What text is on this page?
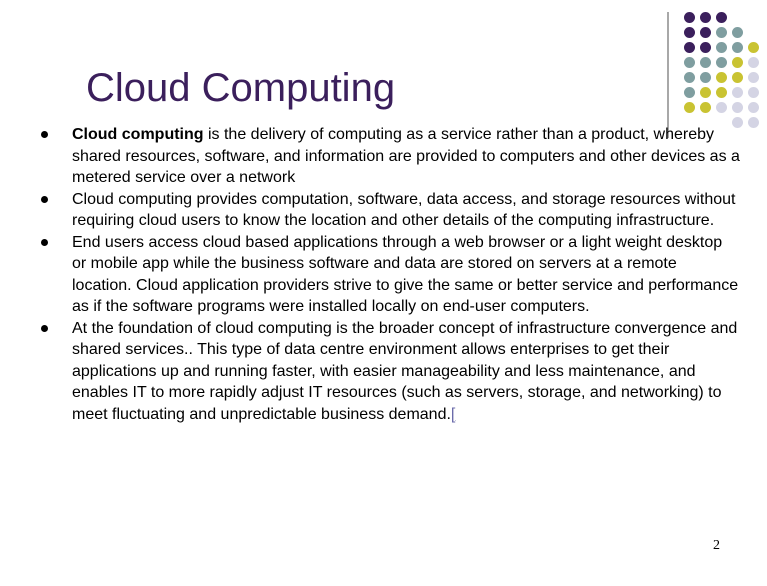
Cloud Computing
Cloud computing is the delivery of computing as a service rather than a product, whereby shared resources, software, and information are provided to computers and other devices as a metered service over a network
Cloud computing provides computation, software, data access, and storage resources without requiring cloud users to know the location and other details of the computing infrastructure.
End users access cloud based applications through a web browser or a light weight desktop or mobile app while the business software and data are stored on servers at a remote location. Cloud application providers strive to give the same or better service and performance as if the software programs were installed locally on end-user computers.
At the foundation of cloud computing is the broader concept of infrastructure convergence and shared services.. This type of data centre environment allows enterprises to get their applications up and running faster, with easier manageability and less maintenance, and enables IT to more rapidly adjust IT resources (such as servers, storage, and networking) to meet fluctuating and unpredictable business demand.[
2
